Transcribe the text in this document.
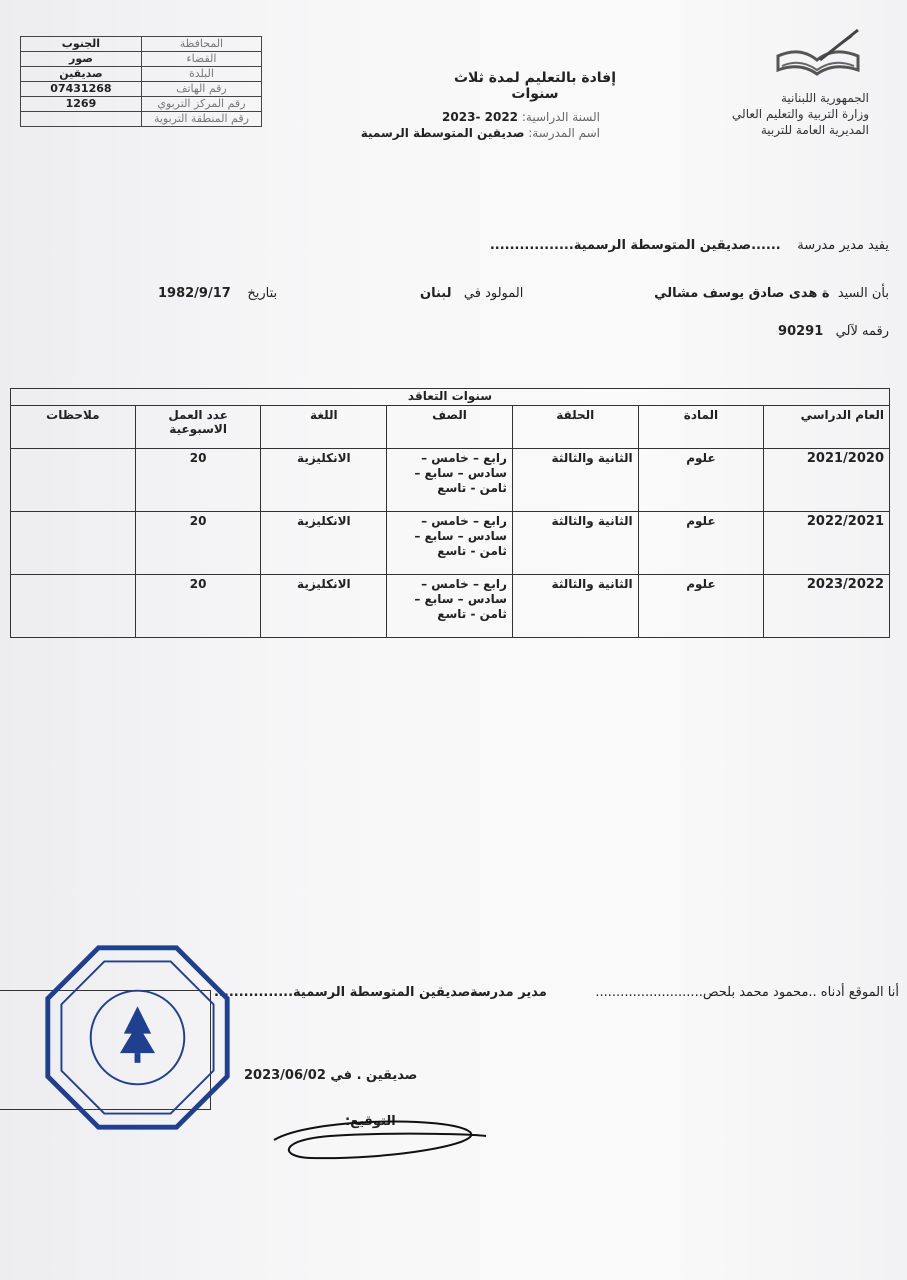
الجنوب	المحافظة
صور	القضاء
صديقين	البلدة
07431268	رقم الهاتف
1269	رقم المركز التربوي
	رقم المنطقة التربوية
الجمهورية اللبنانية
وزارة التربية والتعليم العالي
المديرية العامة للتربية
إفادة بالتعليم لمدة ثلاث سنوات
السنة الدراسية: 2022 -2023
اسم المدرسة: صديقين المتوسطة الرسمية
يفيد مدير مدرسة    ......صديقين المتوسطة الرسمية.................
بأن السيد  ة هدى صادق يوسف مشالي
المولود في   لبنان
بتاريخ    1982/9/17
رقمه لآلي   90291
سنوات التعاقد						
العام الدراسي	المادة	الحلقة	الصف	اللغة	عدد العمل الاسبوعية	ملاحظات
2021/2020	علوم	الثانية والثالثة	رابع – خامس – سادس – سابع – ثامن - تاسع	الانكليزية	20	
2022/2021	علوم	الثانية والثالثة	رابع – خامس – سادس – سابع – ثامن - تاسع	الانكليزية	20	
2023/2022	علوم	الثانية والثالثة	رابع – خامس – سادس – سابع – ثامن - تاسع	الانكليزية	20	
أنا الموقع أدناه ..محمود محمد بلحص..........................
مدير مدرسة
...صديقين المتوسطة الرسمية................
صديقين . في 2023/06/02
التوقيع:
